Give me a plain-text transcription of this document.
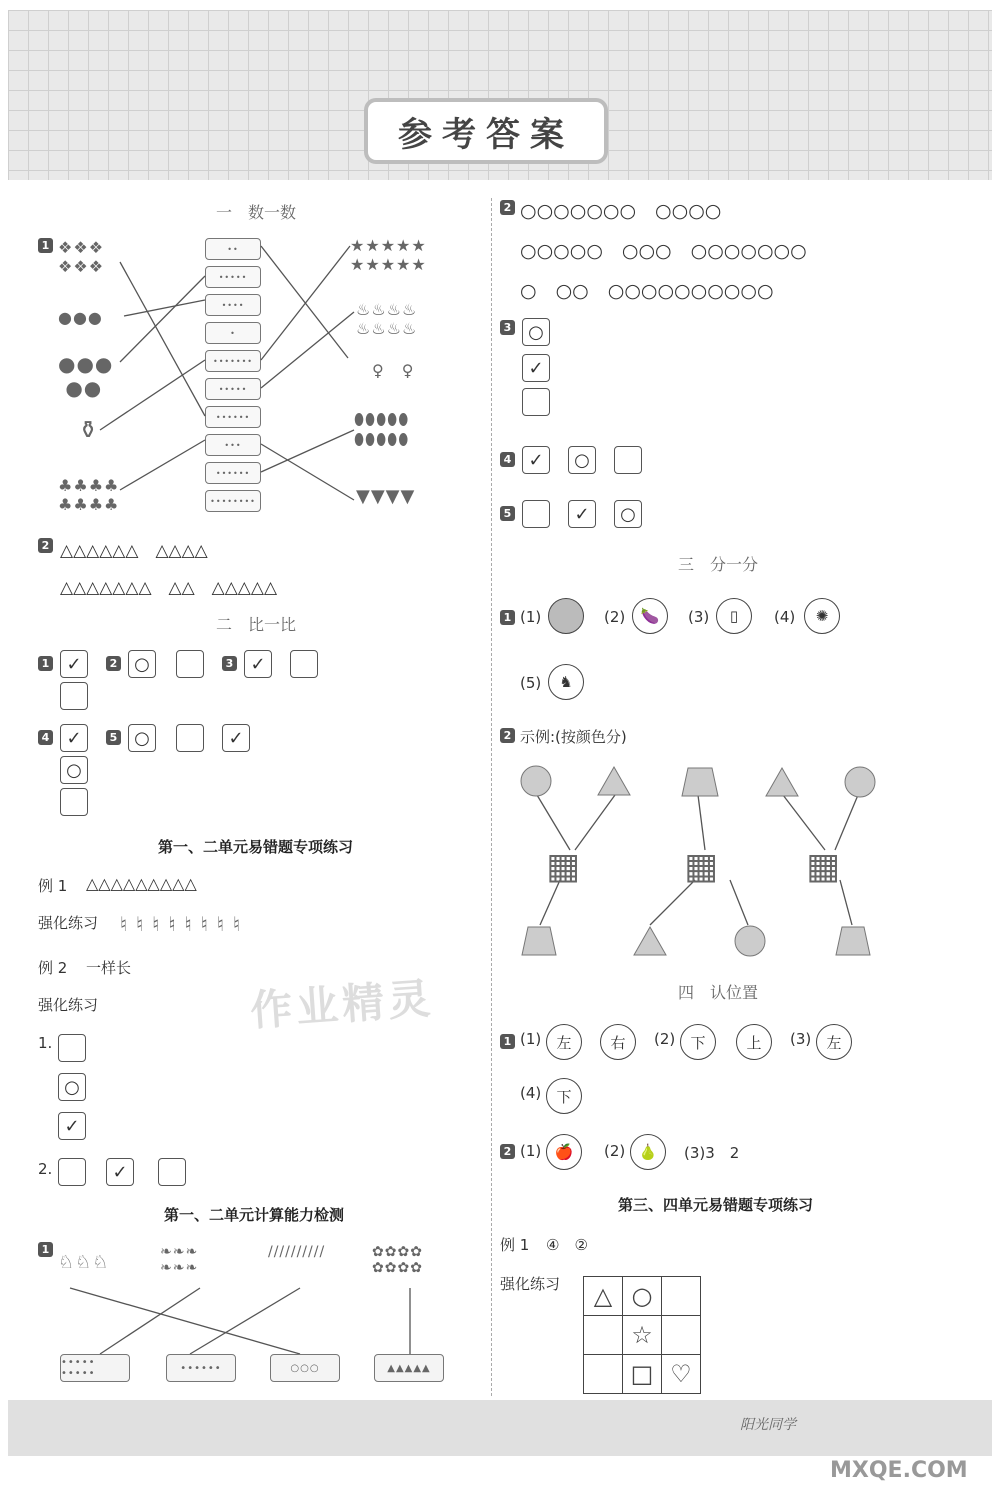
参考答案
一　数一数
1 ❖❖❖
❖❖❖
●●●
●●●
●●
⚱
♣♣♣♣
♣♣♣♣
••
•••••
••••
•
•••••••
•••••
••••••
•••
••••••
••••••••
★★★★★
★★★★★
♨♨♨♨
♨♨♨♨
♀　♀
⬮⬮⬮⬮⬮
⬮⬮⬮⬮⬮
▼▼▼▼
2 △△△△△△　△△△△
△△△△△△△　△△　△△△△△
二　比一比
1 ✓	2 ○	3 ✓
4 ✓
○
5 ○	✓
第一、二单元易错题专项练习
例 1 △△△△△△△△△
强化练习 ♮♮♮♮♮♮♮♮
例 2 一样长
强化练习
1.
○
✓
2.	✓
第一、二单元计算能力检测
1
♘♘♘	❧❧❧
❧❧❧
//////////	✿✿✿✿
✿✿✿✿
••••• •••••	••••••	○○○	▲▲▲▲▲
作业精灵
2 ○○○○○○○　○○○○
○○○○○　○○○　○○○○○○○
○　○○　○○○○○○○○○○
3 ○
✓
4 ✓	○
5	✓	○
三　分一分
1 (1)	(2)	🍆	(3)	▯	(4)	✺
(5)	♞
2 示例:(按颜色分)
▦	▦ ▦
四　认位置
1 (1)	左	右	(2)	下	上	(3)	左
(4)	下
2 (1) 🍎	(2) 🍐	(3)3　2
第三、四单元易错题专项练习
例 1 ④　②
强化练习 △	○	
	☆	
	□	♡
阳光同学
MXQE.COM
